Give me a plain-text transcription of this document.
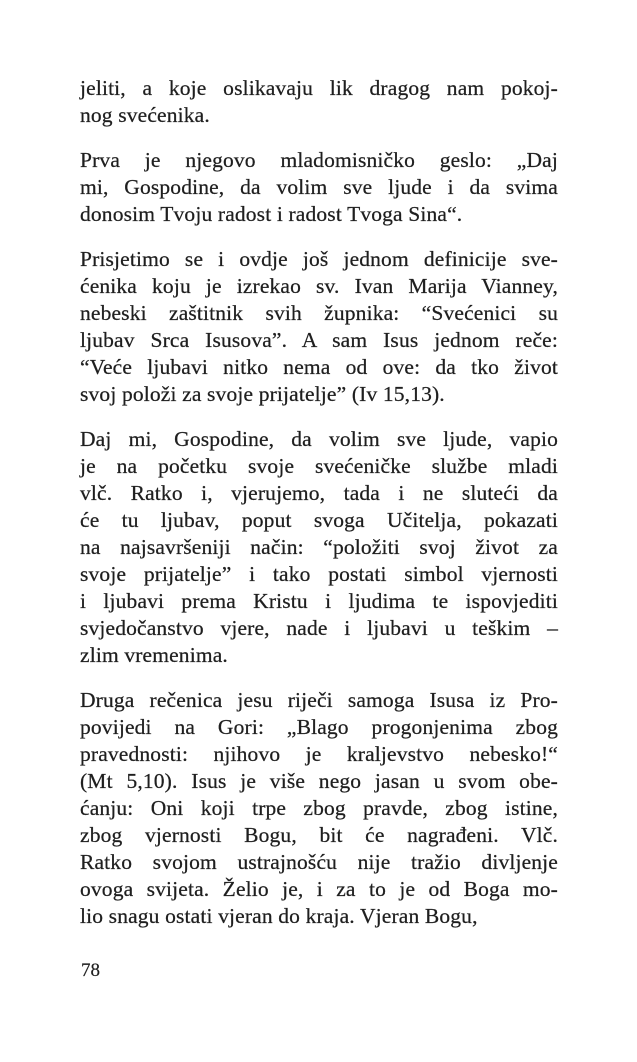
jeliti, a koje oslikavaju lik dragog nam pokoj-
nog svećenika.

Prva je njegovo mladomisničko geslo: „Daj
mi, Gospodine, da volim sve ljude i da svima
donosim Tvoju radost i radost Tvoga Sina“.

Prisjetimo se i ovdje još jednom definicije sve-
ćenika koju je izrekao sv. Ivan Marija Vianney,
nebeski zaštitnik svih župnika: “Svećenici su
ljubav Srca Isusova”. A sam Isus jednom reče:
“Veće ljubavi nitko nema od ove: da tko život
svoj položi za svoje prijatelje” (Iv 15,13).

Daj mi, Gospodine, da volim sve ljude, vapio
je na početku svoje svećeničke službe mladi
vlč. Ratko i, vjerujemo, tada i ne sluteći da
će tu ljubav, poput svoga Učitelja, pokazati
na najsavršeniji način: “položiti svoj život za
svoje prijatelje” i tako postati simbol vjernosti
i ljubavi prema Kristu i ljudima te ispovjediti
svjedočanstvo vjere, nade i ljubavi u teškim –
zlim vremenima.

Druga rečenica jesu riječi samoga Isusa iz Pro-
povijedi na Gori: „Blago progonjenima zbog
pravednosti: njihovo je kraljevstvo nebesko!“
(Mt 5,10). Isus je više nego jasan u svom obe-
ćanju: Oni koji trpe zbog pravde, zbog istine,
zbog vjernosti Bogu, bit će nagrađeni. Vlč.
Ratko svojom ustrajnošću nije tražio divljenje
ovoga svijeta. Želio je, i za to je od Boga mo-
lio snagu ostati vjeran do kraja. Vjeran Bogu,

78
